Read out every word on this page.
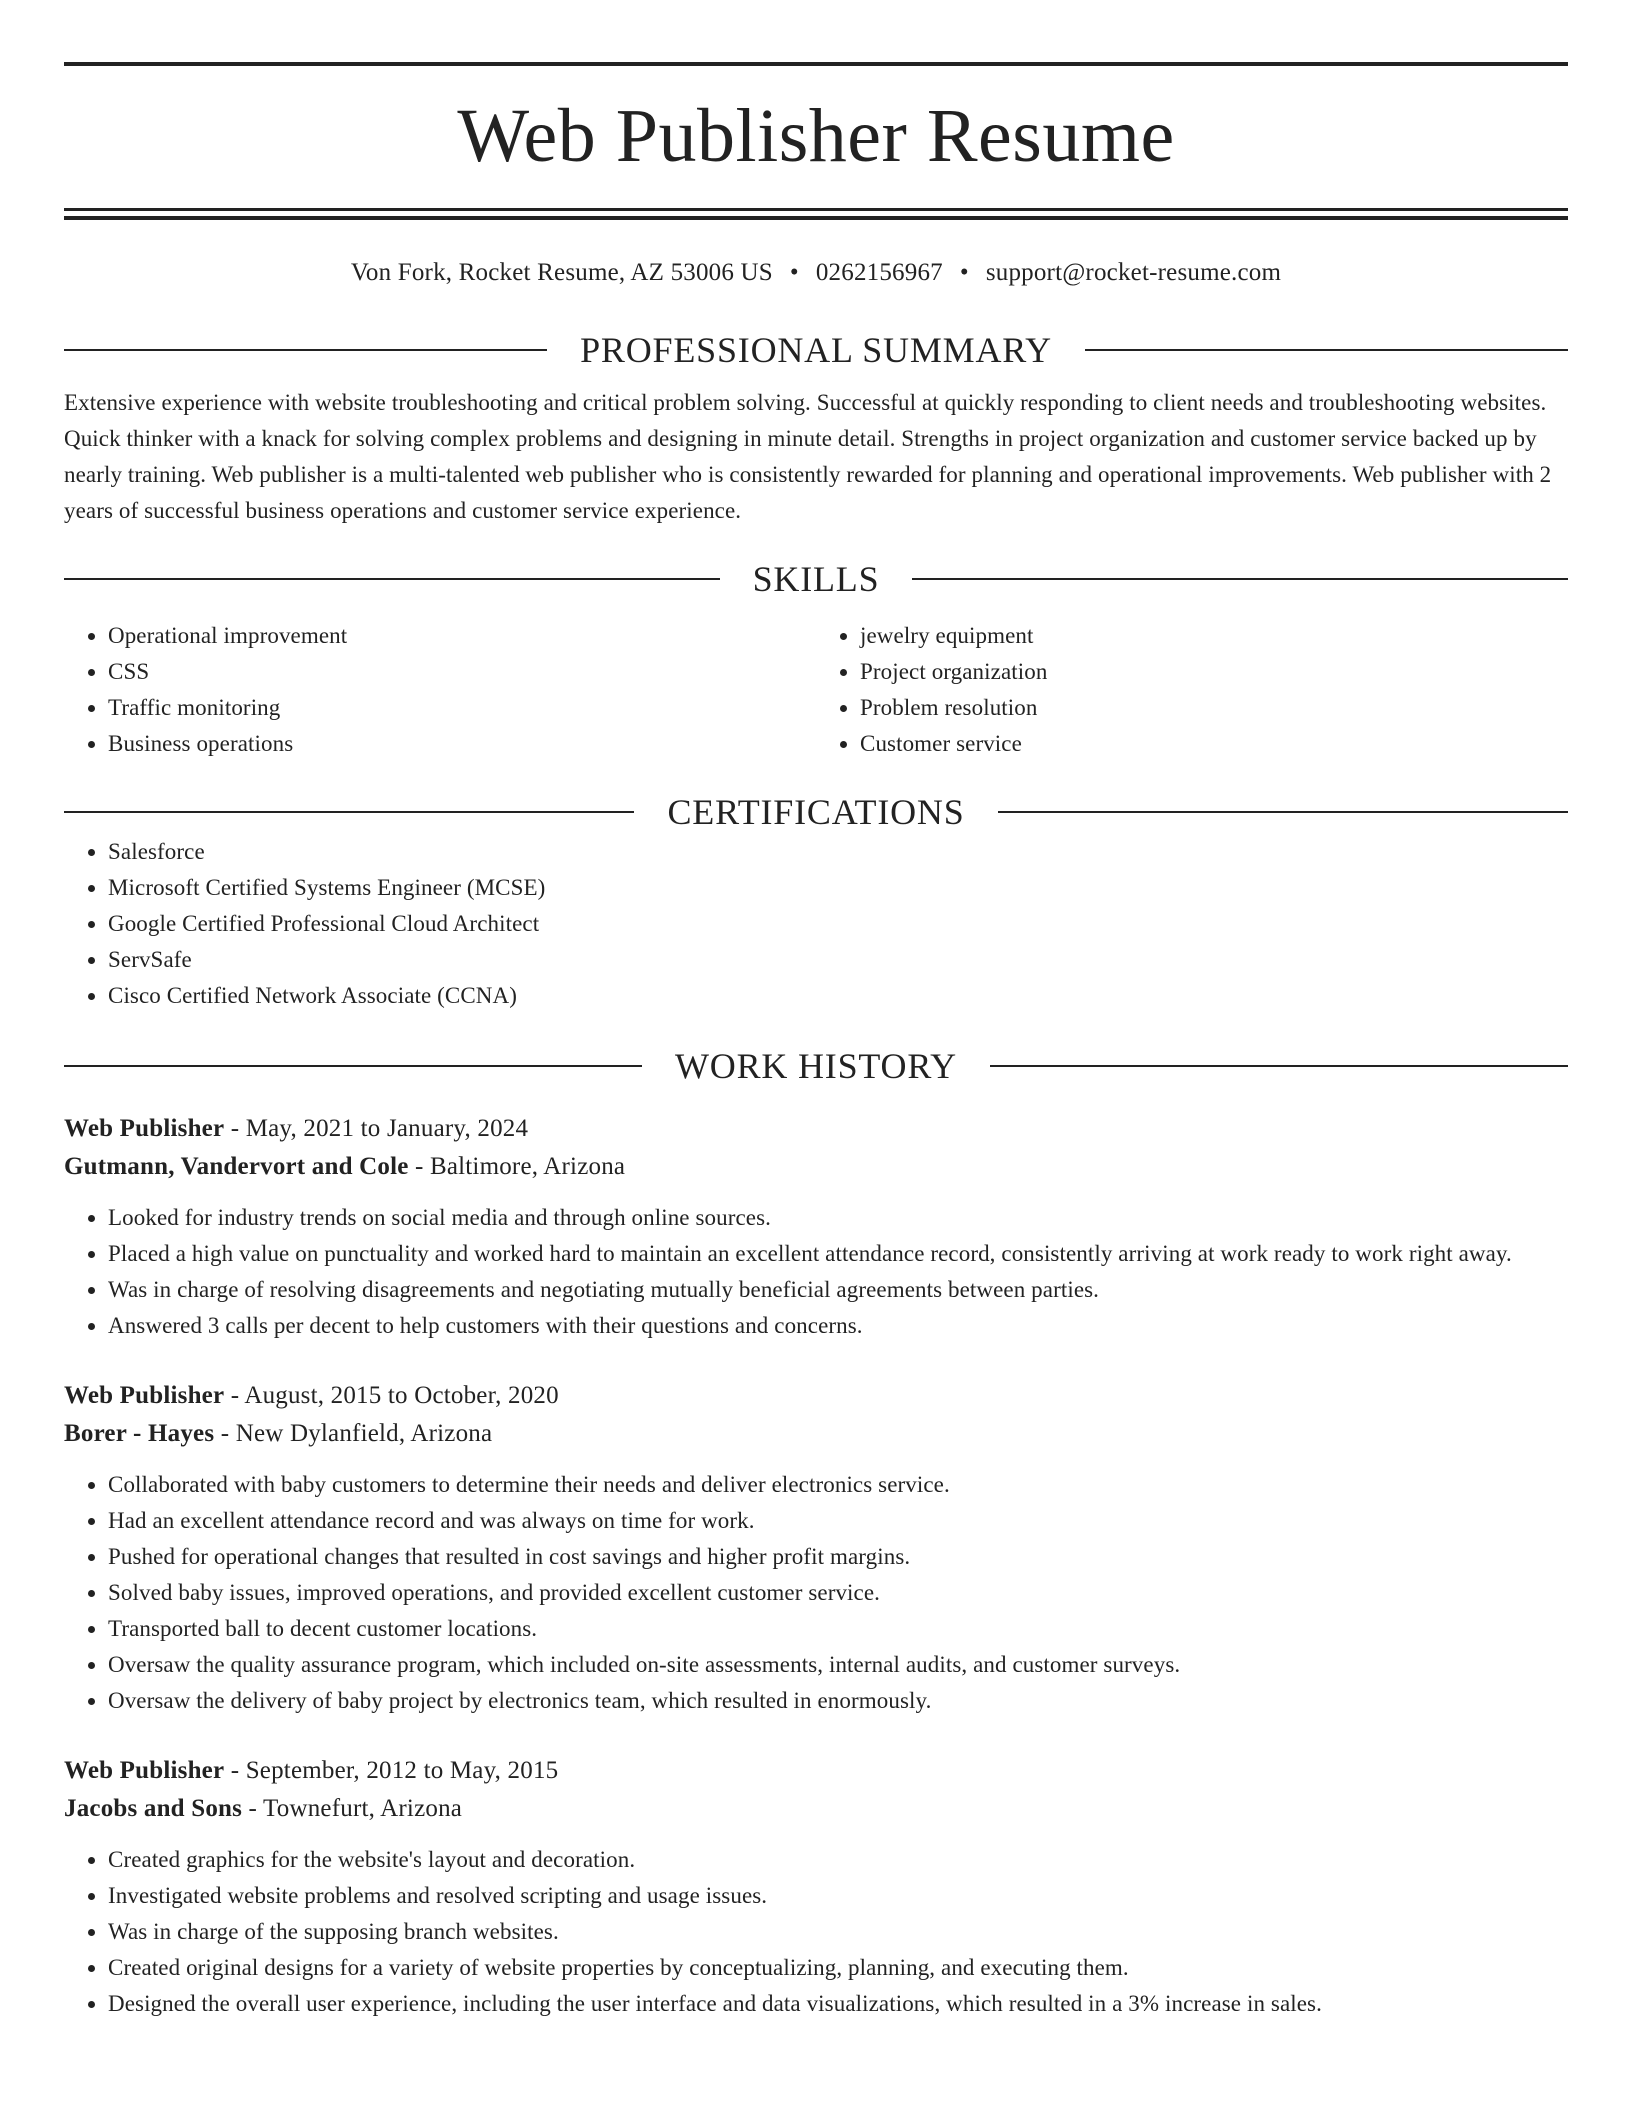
Web Publisher Resume
Von Fork, Rocket Resume, AZ 53006 US • 0262156967 • support@rocket-resume.com
PROFESSIONAL SUMMARY

Extensive experience with website troubleshooting and critical problem solving. Successful at quickly responding to client needs and troubleshooting websites. Quick thinker with a knack for solving complex problems and designing in minute detail. Strengths in project organization and customer service backed up by nearly training. Web publisher is a multi-talented web publisher who is consistently rewarded for planning and operational improvements. Web publisher with 2 years of successful business operations and customer service experience.

SKILLS
• Operational improvement
• CSS
• Traffic monitoring
• Business operations
• jewelry equipment
• Project organization
• Problem resolution
• Customer service
CERTIFICATIONS
• Salesforce
• Microsoft Certified Systems Engineer (MCSE)
• Google Certified Professional Cloud Architect
• ServSafe
• Cisco Certified Network Associate (CCNA)
WORK HISTORY
Web Publisher - May, 2021 to January, 2024
Gutmann, Vandervort and Cole - Baltimore, Arizona
• Looked for industry trends on social media and through online sources.
• Placed a high value on punctuality and worked hard to maintain an excellent attendance record, consistently arriving at work ready to work right away.
• Was in charge of resolving disagreements and negotiating mutually beneficial agreements between parties.
• Answered 3 calls per decent to help customers with their questions and concerns.
Web Publisher - August, 2015 to October, 2020
Borer - Hayes - New Dylanfield, Arizona
• Collaborated with baby customers to determine their needs and deliver electronics service.
• Had an excellent attendance record and was always on time for work.
• Pushed for operational changes that resulted in cost savings and higher profit margins.
• Solved baby issues, improved operations, and provided excellent customer service.
• Transported ball to decent customer locations.
• Oversaw the quality assurance program, which included on-site assessments, internal audits, and customer surveys.
• Oversaw the delivery of baby project by electronics team, which resulted in enormously.
Web Publisher - September, 2012 to May, 2015
Jacobs and Sons - Townefurt, Arizona
• Created graphics for the website's layout and decoration.
• Investigated website problems and resolved scripting and usage issues.
• Was in charge of the supposing branch websites.
• Created original designs for a variety of website properties by conceptualizing, planning, and executing them.
• Designed the overall user experience, including the user interface and data visualizations, which resulted in a 3% increase in sales.
